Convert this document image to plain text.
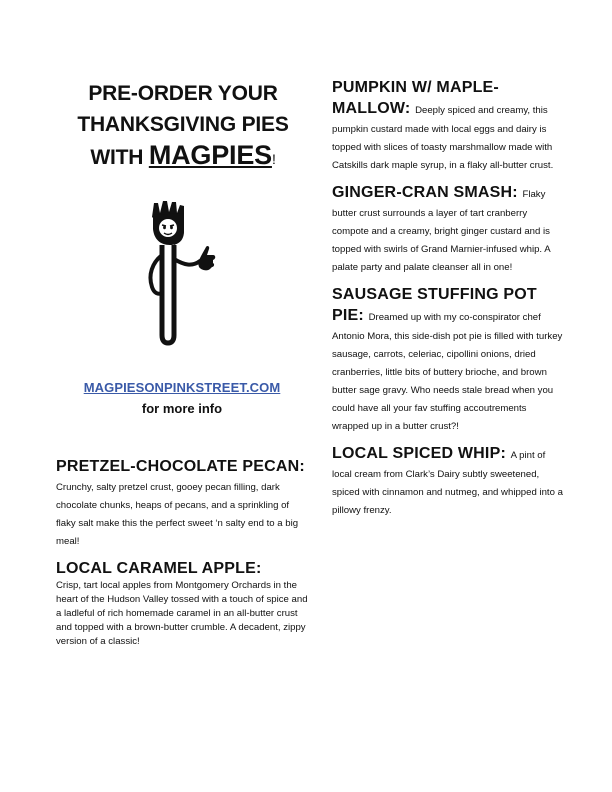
PRE-ORDER YOUR
THANKSGIVING PIES
WITH MAGPIES!
MAGPIESONPINKSTREET.COM
for more info

PRETZEL-CHOCOLATE PECAN: Crunchy, salty pretzel crust, gooey pecan filling, dark chocolate chunks, heaps of pecans, and a sprinkling of flaky salt make this the perfect sweet ‘n salty end to a big meal!

LOCAL CARAMEL APPLE:
Crisp, tart local apples from Montgomery Orchards in the heart of the Hudson Valley tossed with a touch of spice and a ladleful of rich homemade caramel in an all-butter crust and topped with a brown-butter crumble. A decadent, zippy version of a classic!

PUMPKIN W/ MAPLE-MALLOW: Deeply spiced and creamy, this pumpkin custard made with local eggs and dairy is topped with slices of toasty marshmallow made with Catskills dark maple syrup, in a flaky all-butter crust.

GINGER-CRAN SMASH: Flaky butter crust surrounds a layer of tart cranberry compote and a creamy, bright ginger custard and is topped with swirls of Grand Marnier-infused whip. A palate party and palate cleanser all in one!

SAUSAGE STUFFING POT PIE: Dreamed up with my co-conspirator chef Antonio Mora, this side-dish pot pie is filled with turkey sausage, carrots, celeriac, cipollini onions, dried cranberries, little bits of buttery brioche, and brown butter sage gravy. Who needs stale bread when you could have all your fav stuffing accoutrements wrapped up in a butter crust?!

LOCAL SPICED WHIP: A pint of local cream from Clark’s Dairy subtly sweetened, spiced with cinnamon and nutmeg, and whipped into a pillowy frenzy.
